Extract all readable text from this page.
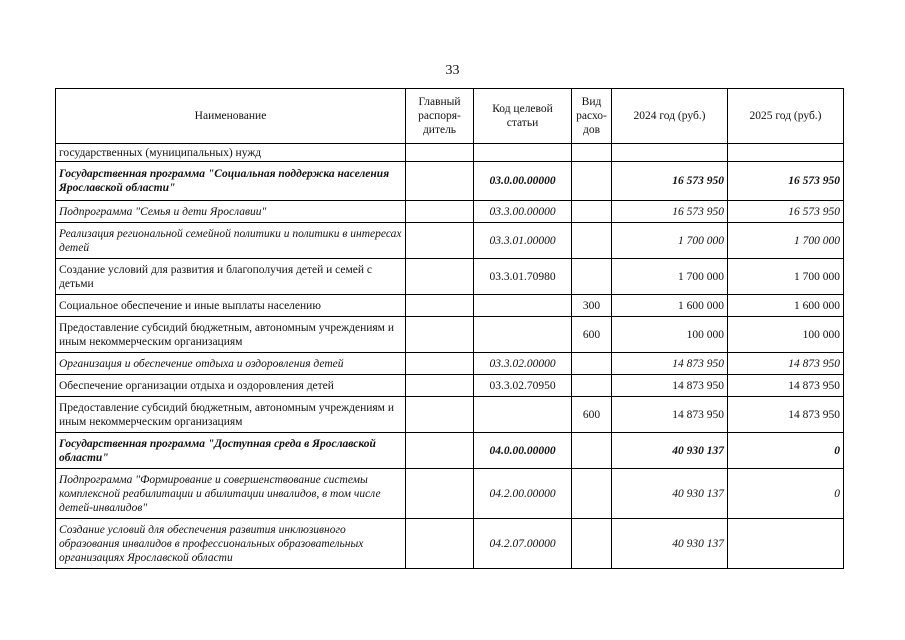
33
Наименование	Главный распоря-дитель	Код целевой статьи	Вид расхо-дов	2024 год (руб.)	2025 год (руб.)
государственных (муниципальных) нужд					
Государственная программа "Социальная поддержка населения Ярославской области"		03.0.00.00000		16 573 950	16 573 950
Подпрограмма "Семья и дети Ярославии"		03.3.00.00000		16 573 950	16 573 950
Реализация региональной семейной политики и политики в интересах детей		03.3.01.00000		1 700 000	1 700 000
Создание условий для развития и благополучия детей и семей с детьми		03.3.01.70980		1 700 000	1 700 000
Социальное обеспечение и иные выплаты населению			300	1 600 000	1 600 000
Предоставление субсидий бюджетным, автономным учреждениям и иным некоммерческим организациям			600	100 000	100 000
Организация и обеспечение отдыха и оздоровления детей		03.3.02.00000		14 873 950	14 873 950
Обеспечение организации отдыха и оздоровления детей		03.3.02.70950		14 873 950	14 873 950
Предоставление субсидий бюджетным, автономным учреждениям и иным некоммерческим организациям			600	14 873 950	14 873 950
Государственная программа "Доступная среда в Ярославской области"		04.0.00.00000		40 930 137	0
Подпрограмма "Формирование и совершенствование системы комплексной реабилитации и абилитации инвалидов, в том числе детей-инвалидов"		04.2.00.00000		40 930 137	0
Создание условий для обеспечения развития инклюзивного образования инвалидов в профессиональных образовательных организациях Ярославской области		04.2.07.00000		40 930 137	
